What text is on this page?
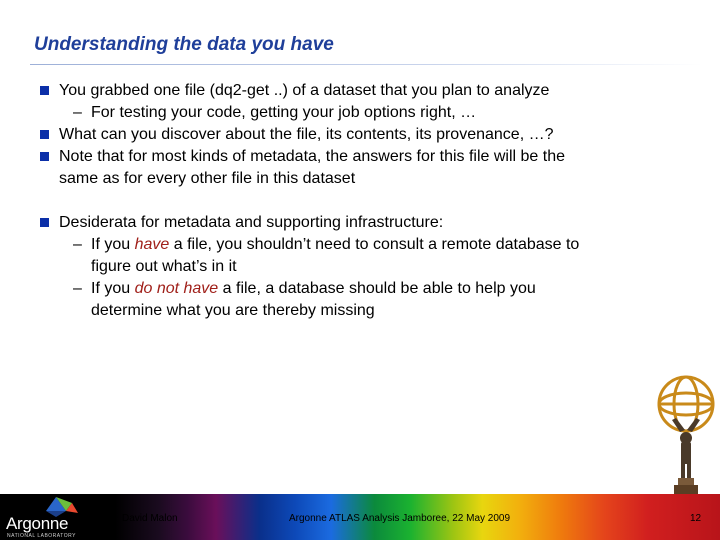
Understanding the data you have
You grabbed one file (dq2-get ..) of a dataset that you plan to analyze
– For testing your code, getting your job options right, …
What can you discover about the file, its contents, its provenance, …?
Note that for most kinds of metadata, the answers for this file will be the
same as for every other file in this dataset
Desiderata for metadata and supporting infrastructure:
– If you have a file, you shouldn’t need to consult a remote database to
figure out what’s in it
– If you do not have a file, a database should be able to help you
determine what you are thereby missing
Argonne
NATIONAL LABORATORY
David Malon	Argonne ATLAS Analysis Jamboree, 22 May 2009	12
